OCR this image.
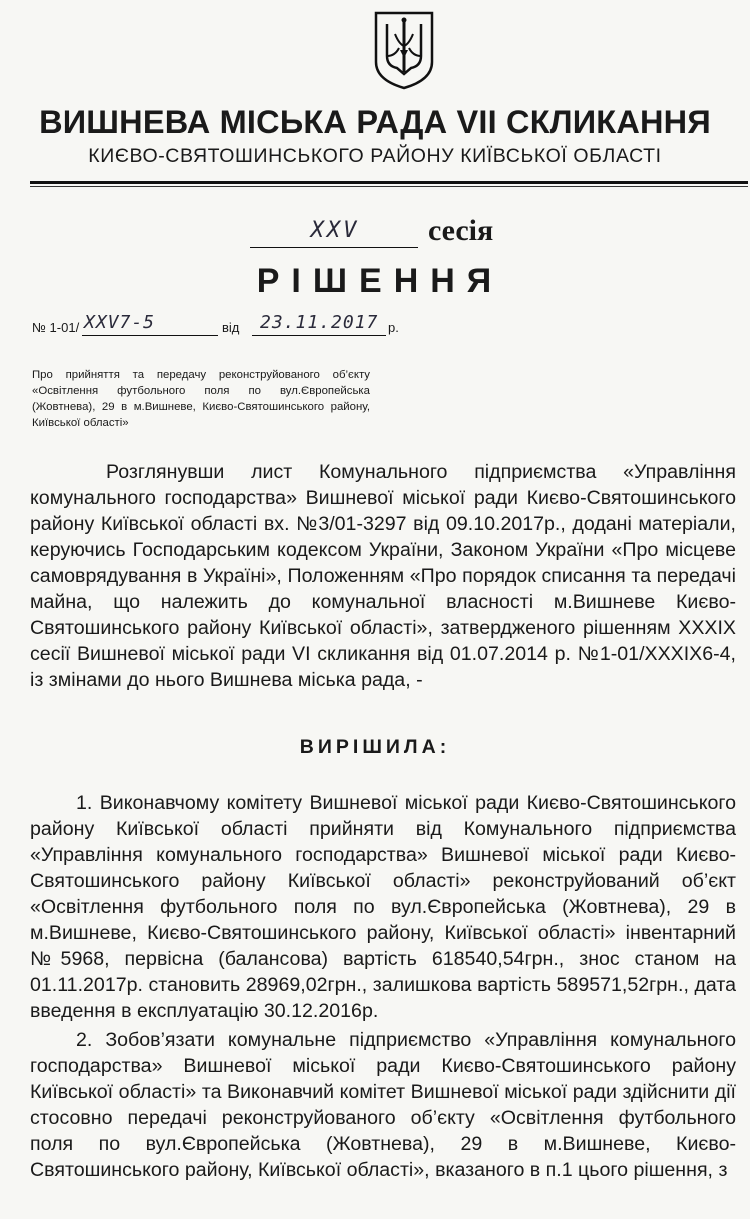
ВИШНЕВА МІСЬКА РАДА VII СКЛИКАННЯ
КИЄВО-СВЯТОШИНСЬКОГО РАЙОНУ КИЇВСЬКОЇ ОБЛАСТІ
XXV	сесія
РІШЕННЯ
№ 1-01/ XXV7-5	від 23.11.2017 р.
Про прийняття та передачу реконструйованого об’єкту «Освітлення футбольного поля по вул.Європейська (Жовтнева), 29 в м.Вишневе, Києво-Святошинського району, Київської області»
Розглянувши лист Комунального підприємства «Управління комунального господарства» Вишневої міської ради Києво-Святошинського району Київської області вх. №3/01-3297 від 09.10.2017р., додані матеріали, керуючись Господарським кодексом України, Законом України «Про місцеве самоврядування в Україні», Положенням «Про порядок списання та передачі майна, що належить до комунальної власності м.Вишневе Києво-Святошинського району Київської області», затвердженого рішенням XXXIX сесії Вишневої міської ради VI скликання від 01.07.2014 р. №1-01/XXXIX6-4, із змінами до нього Вишнева міська рада, -
ВИРІШИЛА:
1. Виконавчому комітету Вишневої міської ради Києво-Святошинського району Київської області прийняти від Комунального підприємства «Управління комунального господарства» Вишневої міської ради Києво-Святошинського району Київської області» реконструйований об’єкт «Освітлення футбольного поля по вул.Європейська (Жовтнева), 29 в м.Вишневе, Києво-Святошинського району, Київської області» інвентарний №5968, первісна (балансова) вартість 618540,54грн., знос станом на 01.11.2017р. становить 28969,02грн., залишкова вартість 589571,52грн., дата введення в експлуатацію 30.12.2016р.
2. Зобов’язати комунальне підприємство «Управління комунального господарства» Вишневої міської ради Києво-Святошинського району Київської області» та Виконавчий комітет Вишневої міської ради здійснити дії стосовно передачі реконструйованого об’єкту «Освітлення футбольного поля по вул.Європейська (Жовтнева), 29 в м.Вишневе, Києво-Святошинського району, Київської області», вказаного в п.1 цього рішення, з
